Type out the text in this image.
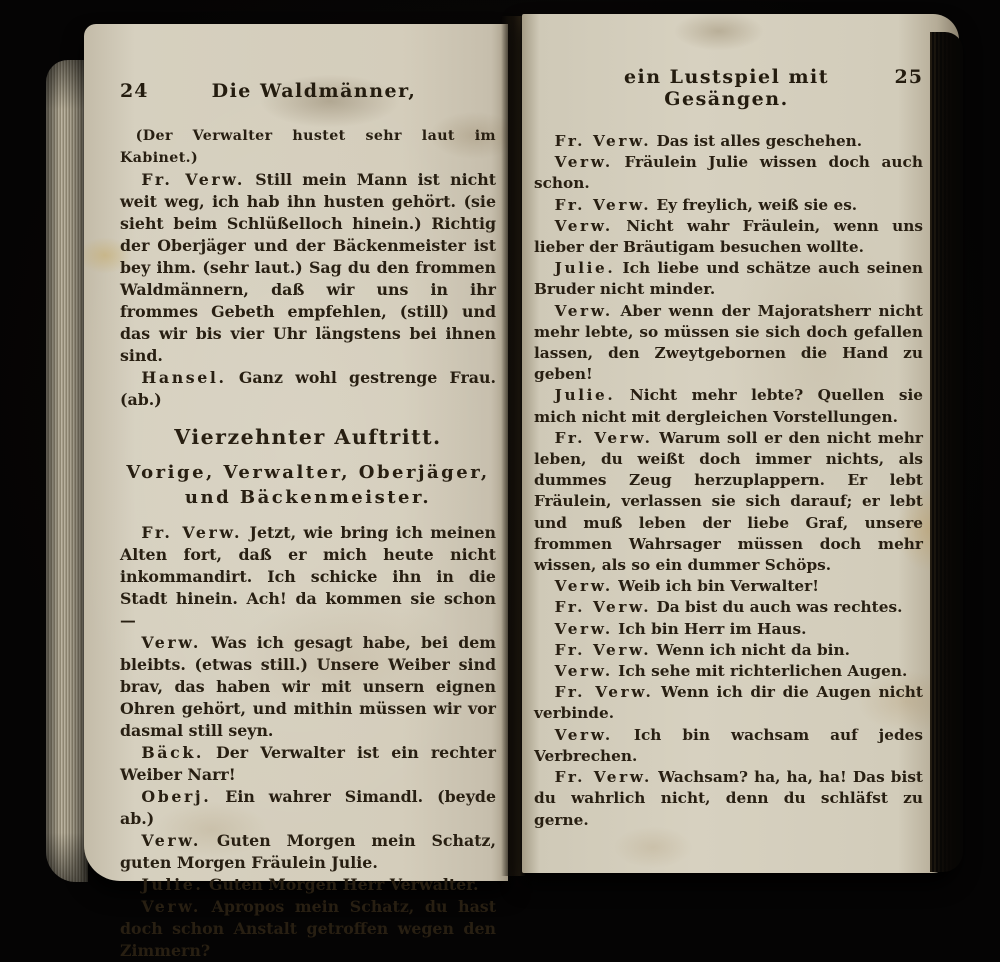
24	Die Waldmänner,

(Der Verwalter hustet sehr laut im Kabinet.)

Fr. Verw. Still mein Mann ist nicht weit weg, ich hab ihn husten gehört. (sie sieht beim Schlüßelloch hinein.) Richtig der Oberjäger und der Bäckenmeister ist bey ihm. (sehr laut.) Sag du den frommen Waldmännern, daß wir uns in ihr frommes Gebeth empfehlen, (still) und das wir bis vier Uhr längstens bei ihnen sind.

Hansel. Ganz wohl gestrenge Frau. (ab.)

Vierzehnter Auftritt.

Vorige, Verwalter, Oberjäger, und Bäckenmeister.

Fr. Verw. Jetzt, wie bring ich meinen Alten fort, daß er mich heute nicht inkommandirt. Ich schicke ihn in die Stadt hinein. Ach! da kommen sie schon —

Verw. Was ich gesagt habe, bei dem bleibts. (etwas still.) Unsere Weiber sind brav, das haben wir mit unsern eignen Ohren gehört, und mithin müssen wir vor dasmal still seyn.

Bäck. Der Verwalter ist ein rechter Weiber Narr!

Oberj. Ein wahrer Simandl. (beyde ab.)

Verw. Guten Morgen mein Schatz, guten Morgen Fräulein Julie.

Julie. Guten Morgen Herr Verwalter.

Verw. Apropos mein Schatz, du hast doch schon Anstalt getroffen wegen den Zimmern?

ein Lustspiel mit Gesängen.
25

Fr. Verw. Das ist alles geschehen.

Verw. Fräulein Julie wissen doch auch schon.

Fr. Verw. Ey freylich, weiß sie es.

Verw. Nicht wahr Fräulein, wenn uns lieber der Bräutigam besuchen wollte.

Julie. Ich liebe und schätze auch seinen Bruder nicht minder.

Verw. Aber wenn der Majoratsherr nicht mehr lebte, so müssen sie sich doch gefallen lassen, den Zweytgebornen die Hand zu geben!

Julie. Nicht mehr lebte? Quellen sie mich nicht mit dergleichen Vorstellungen.

Fr. Verw. Warum soll er den nicht mehr leben, du weißt doch immer nichts, als dummes Zeug herzuplappern. Er lebt Fräulein, verlassen sie sich darauf; er lebt und muß leben der liebe Graf, unsere frommen Wahrsager müssen doch mehr wissen, als so ein dummer Schöps.

Verw. Weib ich bin Verwalter!

Fr. Verw. Da bist du auch was rechtes.

Verw. Ich bin Herr im Haus.

Fr. Verw. Wenn ich nicht da bin.

Verw. Ich sehe mit richterlichen Augen.

Fr. Verw. Wenn ich dir die Augen nicht verbinde.

Verw. Ich bin wachsam auf jedes Verbrechen.

Fr. Verw. Wachsam? ha, ha, ha! Das bist du wahrlich nicht, denn du schläfst zu gerne.
